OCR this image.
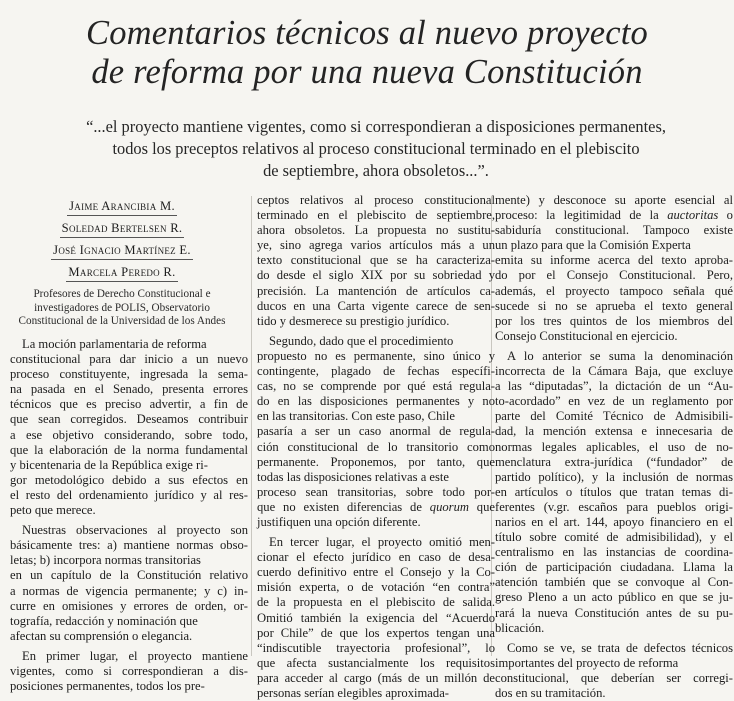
Comentarios técnicos al nuevo proyecto
de reforma por una nueva Constitución
“...el proyecto mantiene vigentes, como si correspondieran a disposiciones permanentes,
todos los preceptos relativos al proceso constitucional terminado en el plebiscito
de septiembre, ahora obsoletos...”.
Jaime Arancibia M.
Soledad Bertelsen R.
José Ignacio Martínez E.
Marcela Peredo R.
Profesores de Derecho Constitucional e
investigadores de POLIS, Observatorio
Constitucional de la Universidad de los Andes
La moción parlamentaria de reforma
constitucional para dar inicio a un nuevo
proceso constituyente, ingresada la sema-
na pasada en el Senado, presenta errores
técnicos que es preciso advertir, a fin de
que sean corregidos. Deseamos contribuir
a ese objetivo considerando, sobre todo,
que la elaboración de la norma fundamental
y bicentenaria de la República exige ri-
gor metodológico debido a sus efectos en
el resto del ordenamiento jurídico y al res-
peto que merece.
Nuestras observaciones al proyecto son
básicamente tres: a) mantiene normas obso-
letas; b) incorpora normas transitorias
en un capítulo de la Constitución relativo
a normas de vigencia permanente; y c) in-
curre en omisiones y errores de orden, or-
tografía, redacción y nominación que
afectan su comprensión o elegancia.
En primer lugar, el proyecto mantiene
vigentes, como si correspondieran a dis-
posiciones permanentes, todos los pre-
ceptos relativos al proceso constitucional
terminado en el plebiscito de septiembre,
ahora obsoletos. La propuesta no sustitu-
ye, sino agrega varios artículos más a un
texto constitucional que se ha caracteriza-
do desde el siglo XIX por su sobriedad y
precisión. La mantención de artículos ca-
ducos en una Carta vigente carece de sen-
tido y desmerece su prestigio jurídico.
Segundo, dado que el procedimiento
propuesto no es permanente, sino único y
contingente, plagado de fechas específi-
cas, no se comprende por qué está regula-
do en las disposiciones permanentes y no
en las transitorias. Con este paso, Chile
pasaría a ser un caso anormal de regula-
ción constitucional de lo transitorio como
permanente. Proponemos, por tanto, que
todas las disposiciones relativas a este
proceso sean transitorias, sobre todo por-
que no existen diferencias de quorum que
justifiquen una opción diferente.
En tercer lugar, el proyecto omitió men-
cionar el efecto jurídico en caso de desa-
cuerdo definitivo entre el Consejo y la Co-
misión experta, o de votación “en contra”
de la propuesta en el plebiscito de salida.
Omitió también la exigencia del “Acuerdo
por Chile” de que los expertos tengan una
“indiscutible trayectoria profesional”, lo
que afecta sustancialmente los requisitos
para acceder al cargo (más de un millón de
personas serían elegibles aproximada-
mente) y desconoce su aporte esencial al
proceso: la legitimidad de la auctoritas o
sabiduría constitucional. Tampoco existe
un plazo para que la Comisión Experta
emita su informe acerca del texto aproba-
do por el Consejo Constitucional. Pero,
además, el proyecto tampoco señala qué
sucede si no se aprueba el texto general
por los tres quintos de los miembros del
Consejo Constitucional en ejercicio.
A lo anterior se suma la denominación
incorrecta de la Cámara Baja, que excluye
a las “diputadas”, la dictación de un “Au-
to-acordado” en vez de un reglamento por
parte del Comité Técnico de Admisibili-
dad, la mención extensa e innecesaria de
normas legales aplicables, el uso de no-
menclatura extra-jurídica (“fundador” de
partido político), y la inclusión de normas
en artículos o títulos que tratan temas di-
ferentes (v.gr. escaños para pueblos origi-
narios en el art. 144, apoyo financiero en el
título sobre comité de admisibilidad), y el
centralismo en las instancias de coordina-
ción de participación ciudadana. Llama la
atención también que se convoque al Con-
greso Pleno a un acto público en que se ju-
rará la nueva Constitución antes de su pu-
blicación.
Como se ve, se trata de defectos técnicos
importantes del proyecto de reforma
constitucional, que deberían ser corregi-
dos en su tramitación.
